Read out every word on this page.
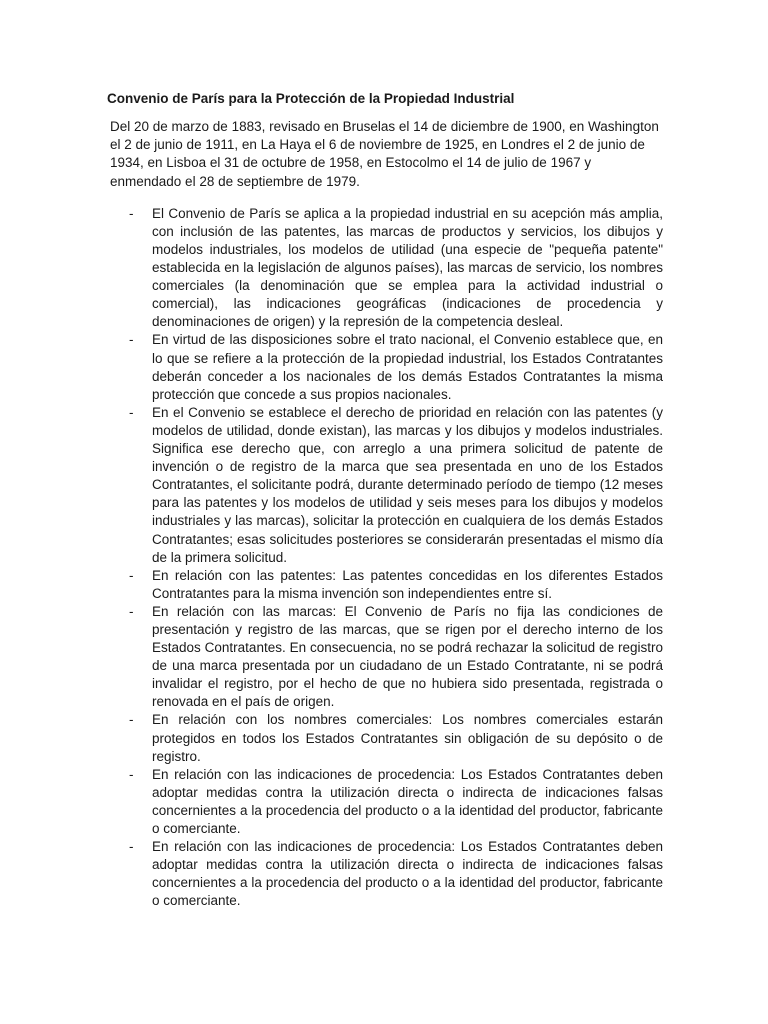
Convenio de París para la Protección de la Propiedad Industrial

Del 20 de marzo de 1883, revisado en Bruselas el 14 de diciembre de 1900, en Washington el 2 de junio de 1911, en La Haya el 6 de noviembre de 1925, en Londres el 2 de junio de 1934, en Lisboa el 31 de octubre de 1958, en Estocolmo el 14 de julio de 1967 y enmendado el 28 de septiembre de 1979.

- El Convenio de París se aplica a la propiedad industrial en su acepción más amplia, con inclusión de las patentes, las marcas de productos y servicios, los dibujos y modelos industriales, los modelos de utilidad (una especie de "pequeña patente" establecida en la legislación de algunos países), las marcas de servicio, los nombres comerciales (la denominación que se emplea para la actividad industrial o comercial), las indicaciones geográficas (indicaciones de procedencia y denominaciones de origen) y la represión de la competencia desleal.
- En virtud de las disposiciones sobre el trato nacional, el Convenio establece que, en lo que se refiere a la protección de la propiedad industrial, los Estados Contratantes deberán conceder a los nacionales de los demás Estados Contratantes la misma protección que concede a sus propios nacionales.
- En el Convenio se establece el derecho de prioridad en relación con las patentes (y modelos de utilidad, donde existan), las marcas y los dibujos y modelos industriales. Significa ese derecho que, con arreglo a una primera solicitud de patente de invención o de registro de la marca que sea presentada en uno de los Estados Contratantes, el solicitante podrá, durante determinado período de tiempo (12 meses para las patentes y los modelos de utilidad y seis meses para los dibujos y modelos industriales y las marcas), solicitar la protección en cualquiera de los demás Estados Contratantes; esas solicitudes posteriores se considerarán presentadas el mismo día de la primera solicitud.
- En relación con las patentes: Las patentes concedidas en los diferentes Estados Contratantes para la misma invención son independientes entre sí.
- En relación con las marcas: El Convenio de París no fija las condiciones de presentación y registro de las marcas, que se rigen por el derecho interno de los Estados Contratantes. En consecuencia, no se podrá rechazar la solicitud de registro de una marca presentada por un ciudadano de un Estado Contratante, ni se podrá invalidar el registro, por el hecho de que no hubiera sido presentada, registrada o renovada en el país de origen.
- En relación con los nombres comerciales: Los nombres comerciales estarán protegidos en todos los Estados Contratantes sin obligación de su depósito o de registro.
- En relación con las indicaciones de procedencia: Los Estados Contratantes deben adoptar medidas contra la utilización directa o indirecta de indicaciones falsas concernientes a la procedencia del producto o a la identidad del productor, fabricante o comerciante.
- En relación con las indicaciones de procedencia: Los Estados Contratantes deben adoptar medidas contra la utilización directa o indirecta de indicaciones falsas concernientes a la procedencia del producto o a la identidad del productor, fabricante o comerciante.
